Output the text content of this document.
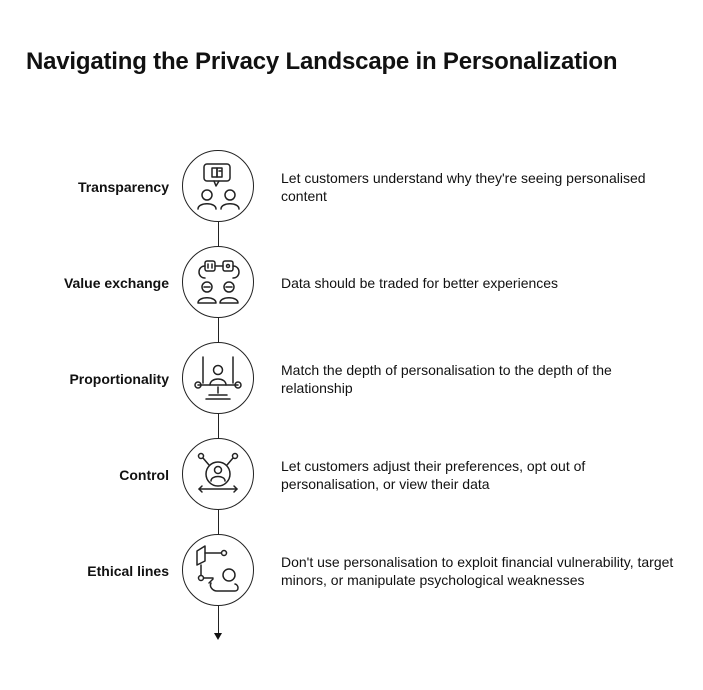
Navigating the Privacy Landscape in Personalization
Transparency
Let customers understand why they're seeing personalised content
Value exchange	Data should be traded for better experiences
Proportionality
Match the depth of personalisation to the depth of the relationship
Control
Let customers adjust their preferences, opt out of personalisation, or view their data
Ethical lines
Don't use personalisation to exploit financial vulnerability, target minors, or manipulate psychological weaknesses
